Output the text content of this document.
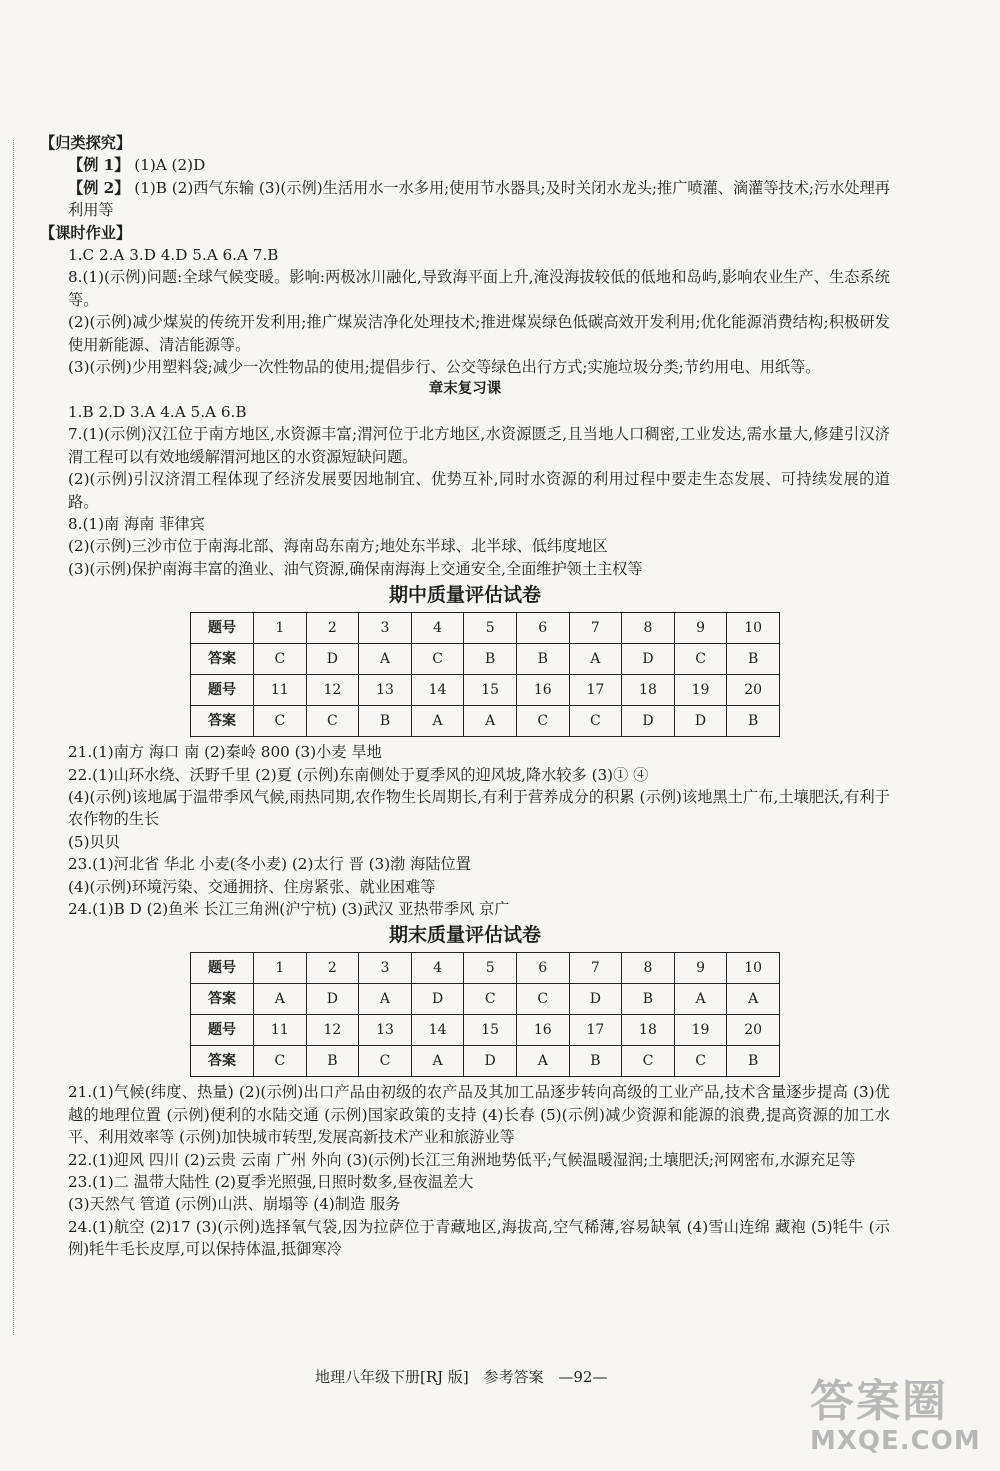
【归类探究】
【例 1】 (1)A (2)D
【例 2】 (1)B (2)西气东输 (3)(示例)生活用水一水多用;使用节水器具;及时关闭水龙头;推广喷灌、滴灌等技术;污水处理再利用等
【课时作业】
1.C 2.A 3.D 4.D 5.A 6.A 7.B
8.(1)(示例)问题:全球气候变暖。影响:两极冰川融化,导致海平面上升,淹没海拔较低的低地和岛屿,影响农业生产、生态系统等。
(2)(示例)减少煤炭的传统开发利用;推广煤炭洁净化处理技术;推进煤炭绿色低碳高效开发利用;优化能源消费结构;积极研发使用新能源、清洁能源等。
(3)(示例)少用塑料袋;减少一次性物品的使用;提倡步行、公交等绿色出行方式;实施垃圾分类;节约用电、用纸等。
章末复习课
1.B 2.D 3.A 4.A 5.A 6.B
7.(1)(示例)汉江位于南方地区,水资源丰富;渭河位于北方地区,水资源匮乏,且当地人口稠密,工业发达,需水量大,修建引汉济渭工程可以有效地缓解渭河地区的水资源短缺问题。
(2)(示例)引汉济渭工程体现了经济发展要因地制宜、优势互补,同时水资源的利用过程中要走生态发展、可持续发展的道路。
8.(1)南 海南 菲律宾
(2)(示例)三沙市位于南海北部、海南岛东南方;地处东半球、北半球、低纬度地区
(3)(示例)保护南海丰富的渔业、油气资源,确保南海海上交通安全,全面维护领土主权等
期中质量评估试卷
题号	1	2	3	4	5	6	7	8	9	10
答案	C	D	A	C	B	B	A	D	C	B
题号	11	12	13	14	15	16	17	18	19	20
答案	C	C	B	A	A	C	C	D	D	B
21.(1)南方 海口 南 (2)秦岭 800 (3)小麦 旱地
22.(1)山环水绕、沃野千里 (2)夏 (示例)东南侧处于夏季风的迎风坡,降水较多 (3)① ④
(4)(示例)该地属于温带季风气候,雨热同期,农作物生长周期长,有利于营养成分的积累 (示例)该地黑土广布,土壤肥沃,有利于农作物的生长
(5)贝贝
23.(1)河北省 华北 小麦(冬小麦) (2)太行 晋 (3)渤 海陆位置
(4)(示例)环境污染、交通拥挤、住房紧张、就业困难等
24.(1)B D (2)鱼米 长江三角洲(沪宁杭) (3)武汉 亚热带季风 京广
期末质量评估试卷
题号	1	2	3	4	5	6	7	8	9	10
答案	A	D	A	D	C	C	D	B	A	A
题号	11	12	13	14	15	16	17	18	19	20
答案	C	B	C	A	D	A	B	C	C	B
21.(1)气候(纬度、热量) (2)(示例)出口产品由初级的农产品及其加工品逐步转向高级的工业产品,技术含量逐步提高 (3)优越的地理位置 (示例)便利的水陆交通 (示例)国家政策的支持 (4)长春 (5)(示例)减少资源和能源的浪费,提高资源的加工水平、利用效率等 (示例)加快城市转型,发展高新技术产业和旅游业等
22.(1)迎风 四川 (2)云贵 云南 广州 外向 (3)(示例)长江三角洲地势低平;气候温暖湿润;土壤肥沃;河网密布,水源充足等
23.(1)二 温带大陆性 (2)夏季光照强,日照时数多,昼夜温差大
(3)天然气 管道 (示例)山洪、崩塌等 (4)制造 服务
24.(1)航空 (2)17 (3)(示例)选择氧气袋,因为拉萨位于青藏地区,海拔高,空气稀薄,容易缺氧 (4)雪山连绵 藏袍 (5)牦牛 (示例)牦牛毛长皮厚,可以保持体温,抵御寒冷
地理八年级下册[RJ 版] 参考答案 —92—	答案圈
MXQE.COM
